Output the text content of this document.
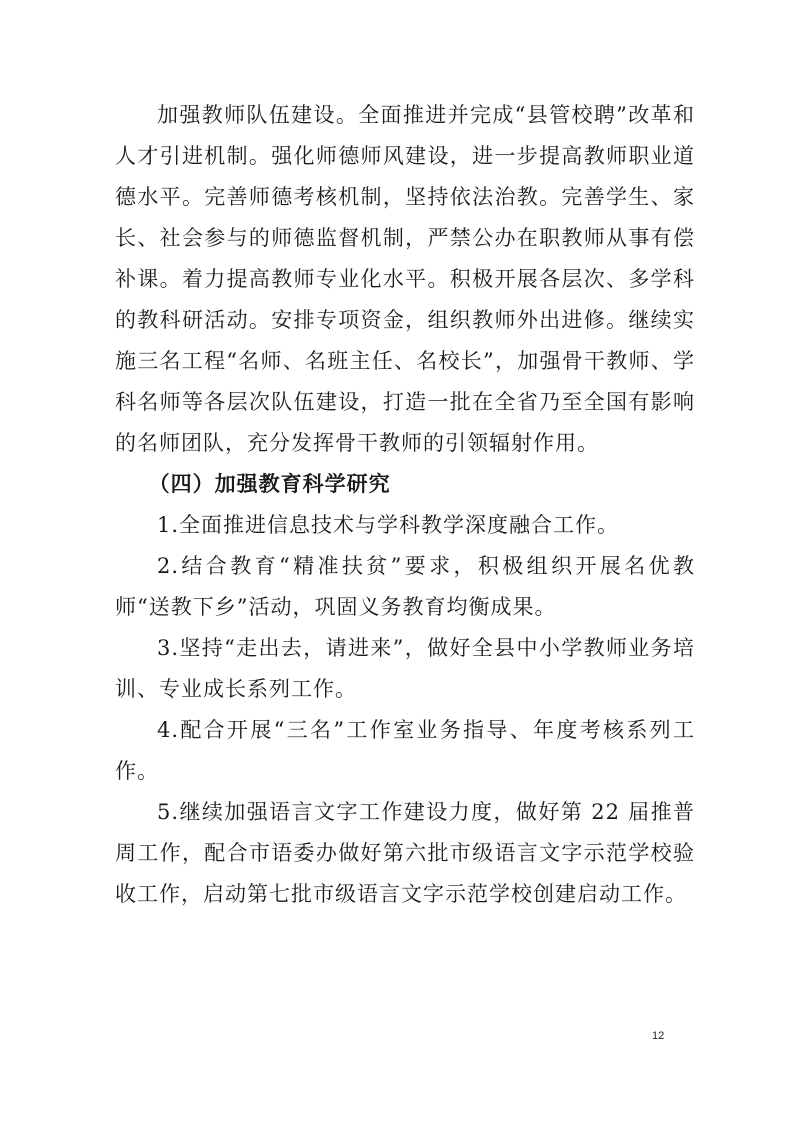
加强教师队伍建设。全面推进并完成“县管校聘”改革和人才引进机制。强化师德师风建设，进一步提高教师职业道德水平。完善师德考核机制，坚持依法治教。完善学生、家长、社会参与的师德监督机制，严禁公办在职教师从事有偿补课。着力提高教师专业化水平。积极开展各层次、多学科的教科研活动。安排专项资金，组织教师外出进修。继续实施三名工程“名师、名班主任、名校长”，加强骨干教师、学科名师等各层次队伍建设，打造一批在全省乃至全国有影响的名师团队，充分发挥骨干教师的引领辐射作用。

（四）加强教育科学研究

1.全面推进信息技术与学科教学深度融合工作。

2.结合教育“精准扶贫”要求，积极组织开展名优教师“送教下乡”活动，巩固义务教育均衡成果。

3.坚持“走出去，请进来”，做好全县中小学教师业务培训、专业成长系列工作。

4.配合开展“三名”工作室业务指导、年度考核系列工作。

5.继续加强语言文字工作建设力度，做好第 22 届推普周工作，配合市语委办做好第六批市级语言文字示范学校验收工作，启动第七批市级语言文字示范学校创建启动工作。

12
